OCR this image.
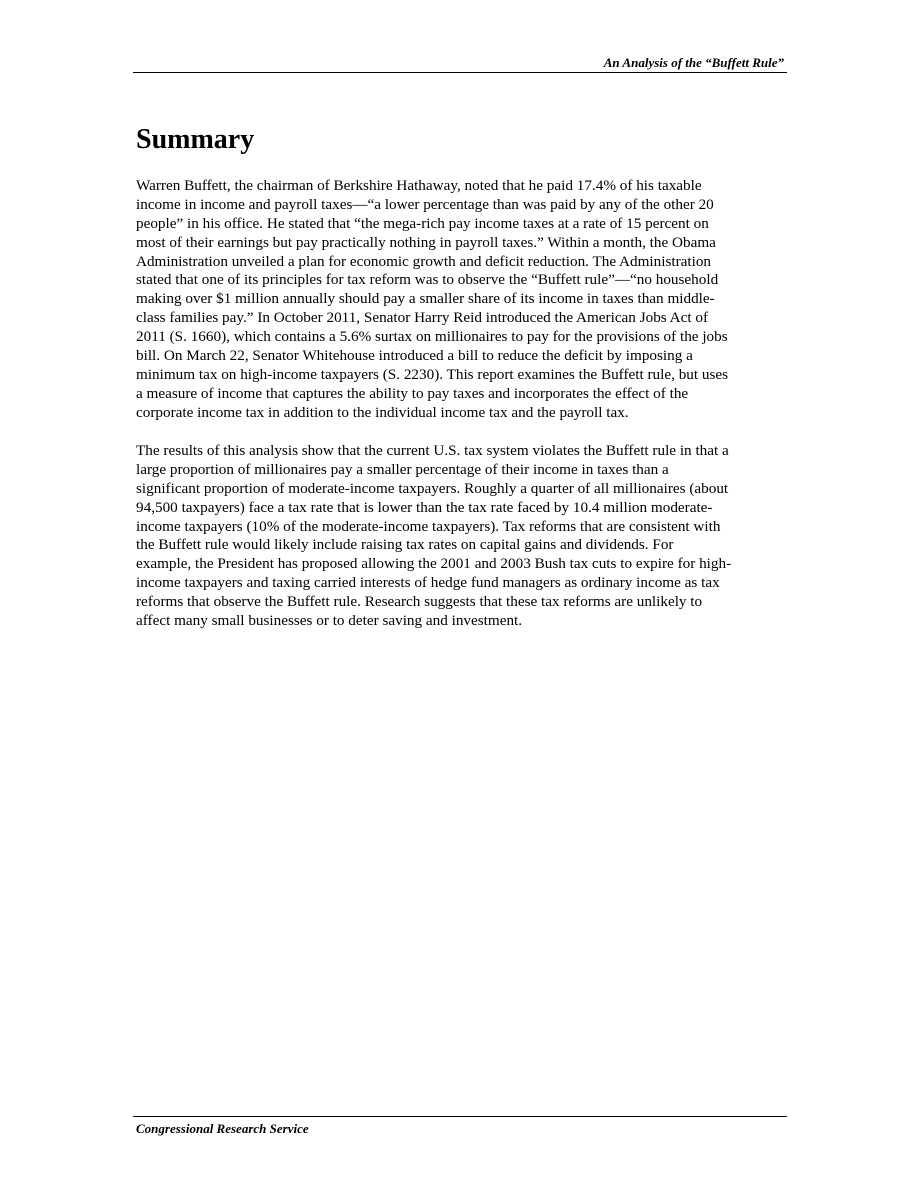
An Analysis of the “Buffett Rule”
Summary

Warren Buffett, the chairman of Berkshire Hathaway, noted that he paid 17.4% of his taxable
income in income and payroll taxes—“a lower percentage than was paid by any of the other 20
people” in his office. He stated that “the mega-rich pay income taxes at a rate of 15 percent on
most of their earnings but pay practically nothing in payroll taxes.” Within a month, the Obama
Administration unveiled a plan for economic growth and deficit reduction. The Administration
stated that one of its principles for tax reform was to observe the “Buffett rule”—“no household
making over $1 million annually should pay a smaller share of its income in taxes than middle-
class families pay.” In October 2011, Senator Harry Reid introduced the American Jobs Act of
2011 (S. 1660), which contains a 5.6% surtax on millionaires to pay for the provisions of the jobs
bill. On March 22, Senator Whitehouse introduced a bill to reduce the deficit by imposing a
minimum tax on high-income taxpayers (S. 2230). This report examines the Buffett rule, but uses
a measure of income that captures the ability to pay taxes and incorporates the effect of the
corporate income tax in addition to the individual income tax and the payroll tax.

The results of this analysis show that the current U.S. tax system violates the Buffett rule in that a
large proportion of millionaires pay a smaller percentage of their income in taxes than a
significant proportion of moderate-income taxpayers. Roughly a quarter of all millionaires (about
94,500 taxpayers) face a tax rate that is lower than the tax rate faced by 10.4 million moderate-
income taxpayers (10% of the moderate-income taxpayers). Tax reforms that are consistent with
the Buffett rule would likely include raising tax rates on capital gains and dividends. For
example, the President has proposed allowing the 2001 and 2003 Bush tax cuts to expire for high-
income taxpayers and taxing carried interests of hedge fund managers as ordinary income as tax
reforms that observe the Buffett rule. Research suggests that these tax reforms are unlikely to
affect many small businesses or to deter saving and investment.

Congressional Research Service
